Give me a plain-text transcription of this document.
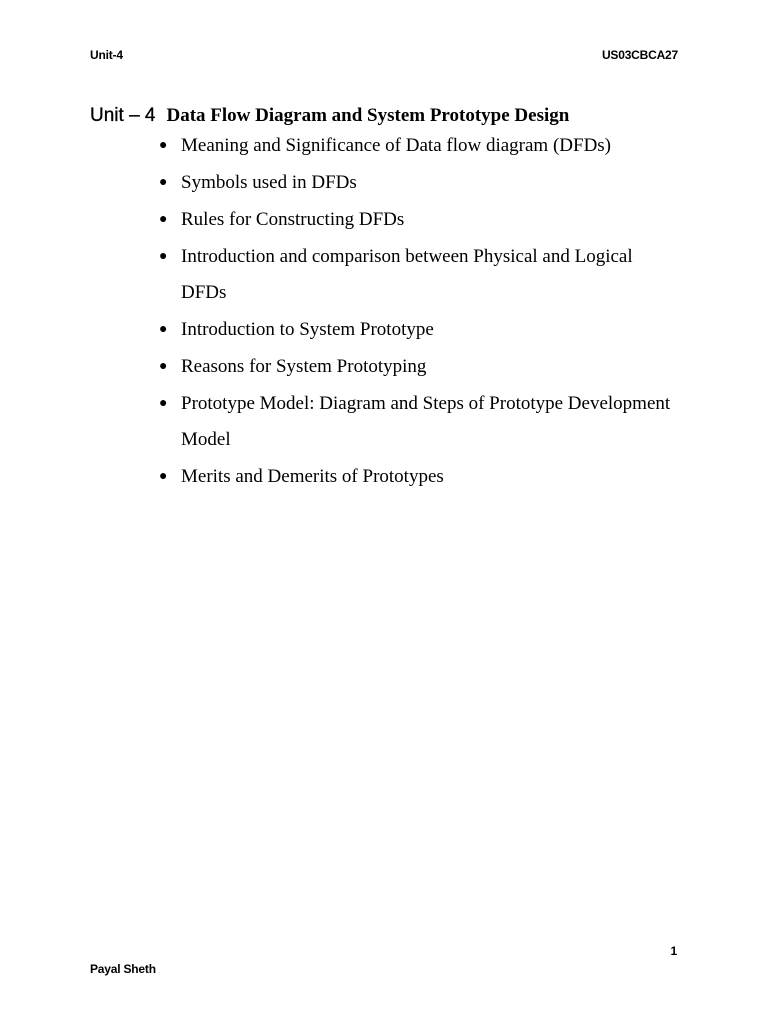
Unit-4	US03CBCA27
Unit – 4 Data Flow Diagram and System Prototype Design
● Meaning and Significance of Data flow diagram (DFDs)
● Symbols used in DFDs
● Rules for Constructing DFDs
● Introduction and comparison between Physical and Logical DFDs
● Introduction to System Prototype
● Reasons for System Prototyping
● Prototype Model: Diagram and Steps of Prototype Development Model
● Merits and Demerits of Prototypes
1
Payal Sheth
